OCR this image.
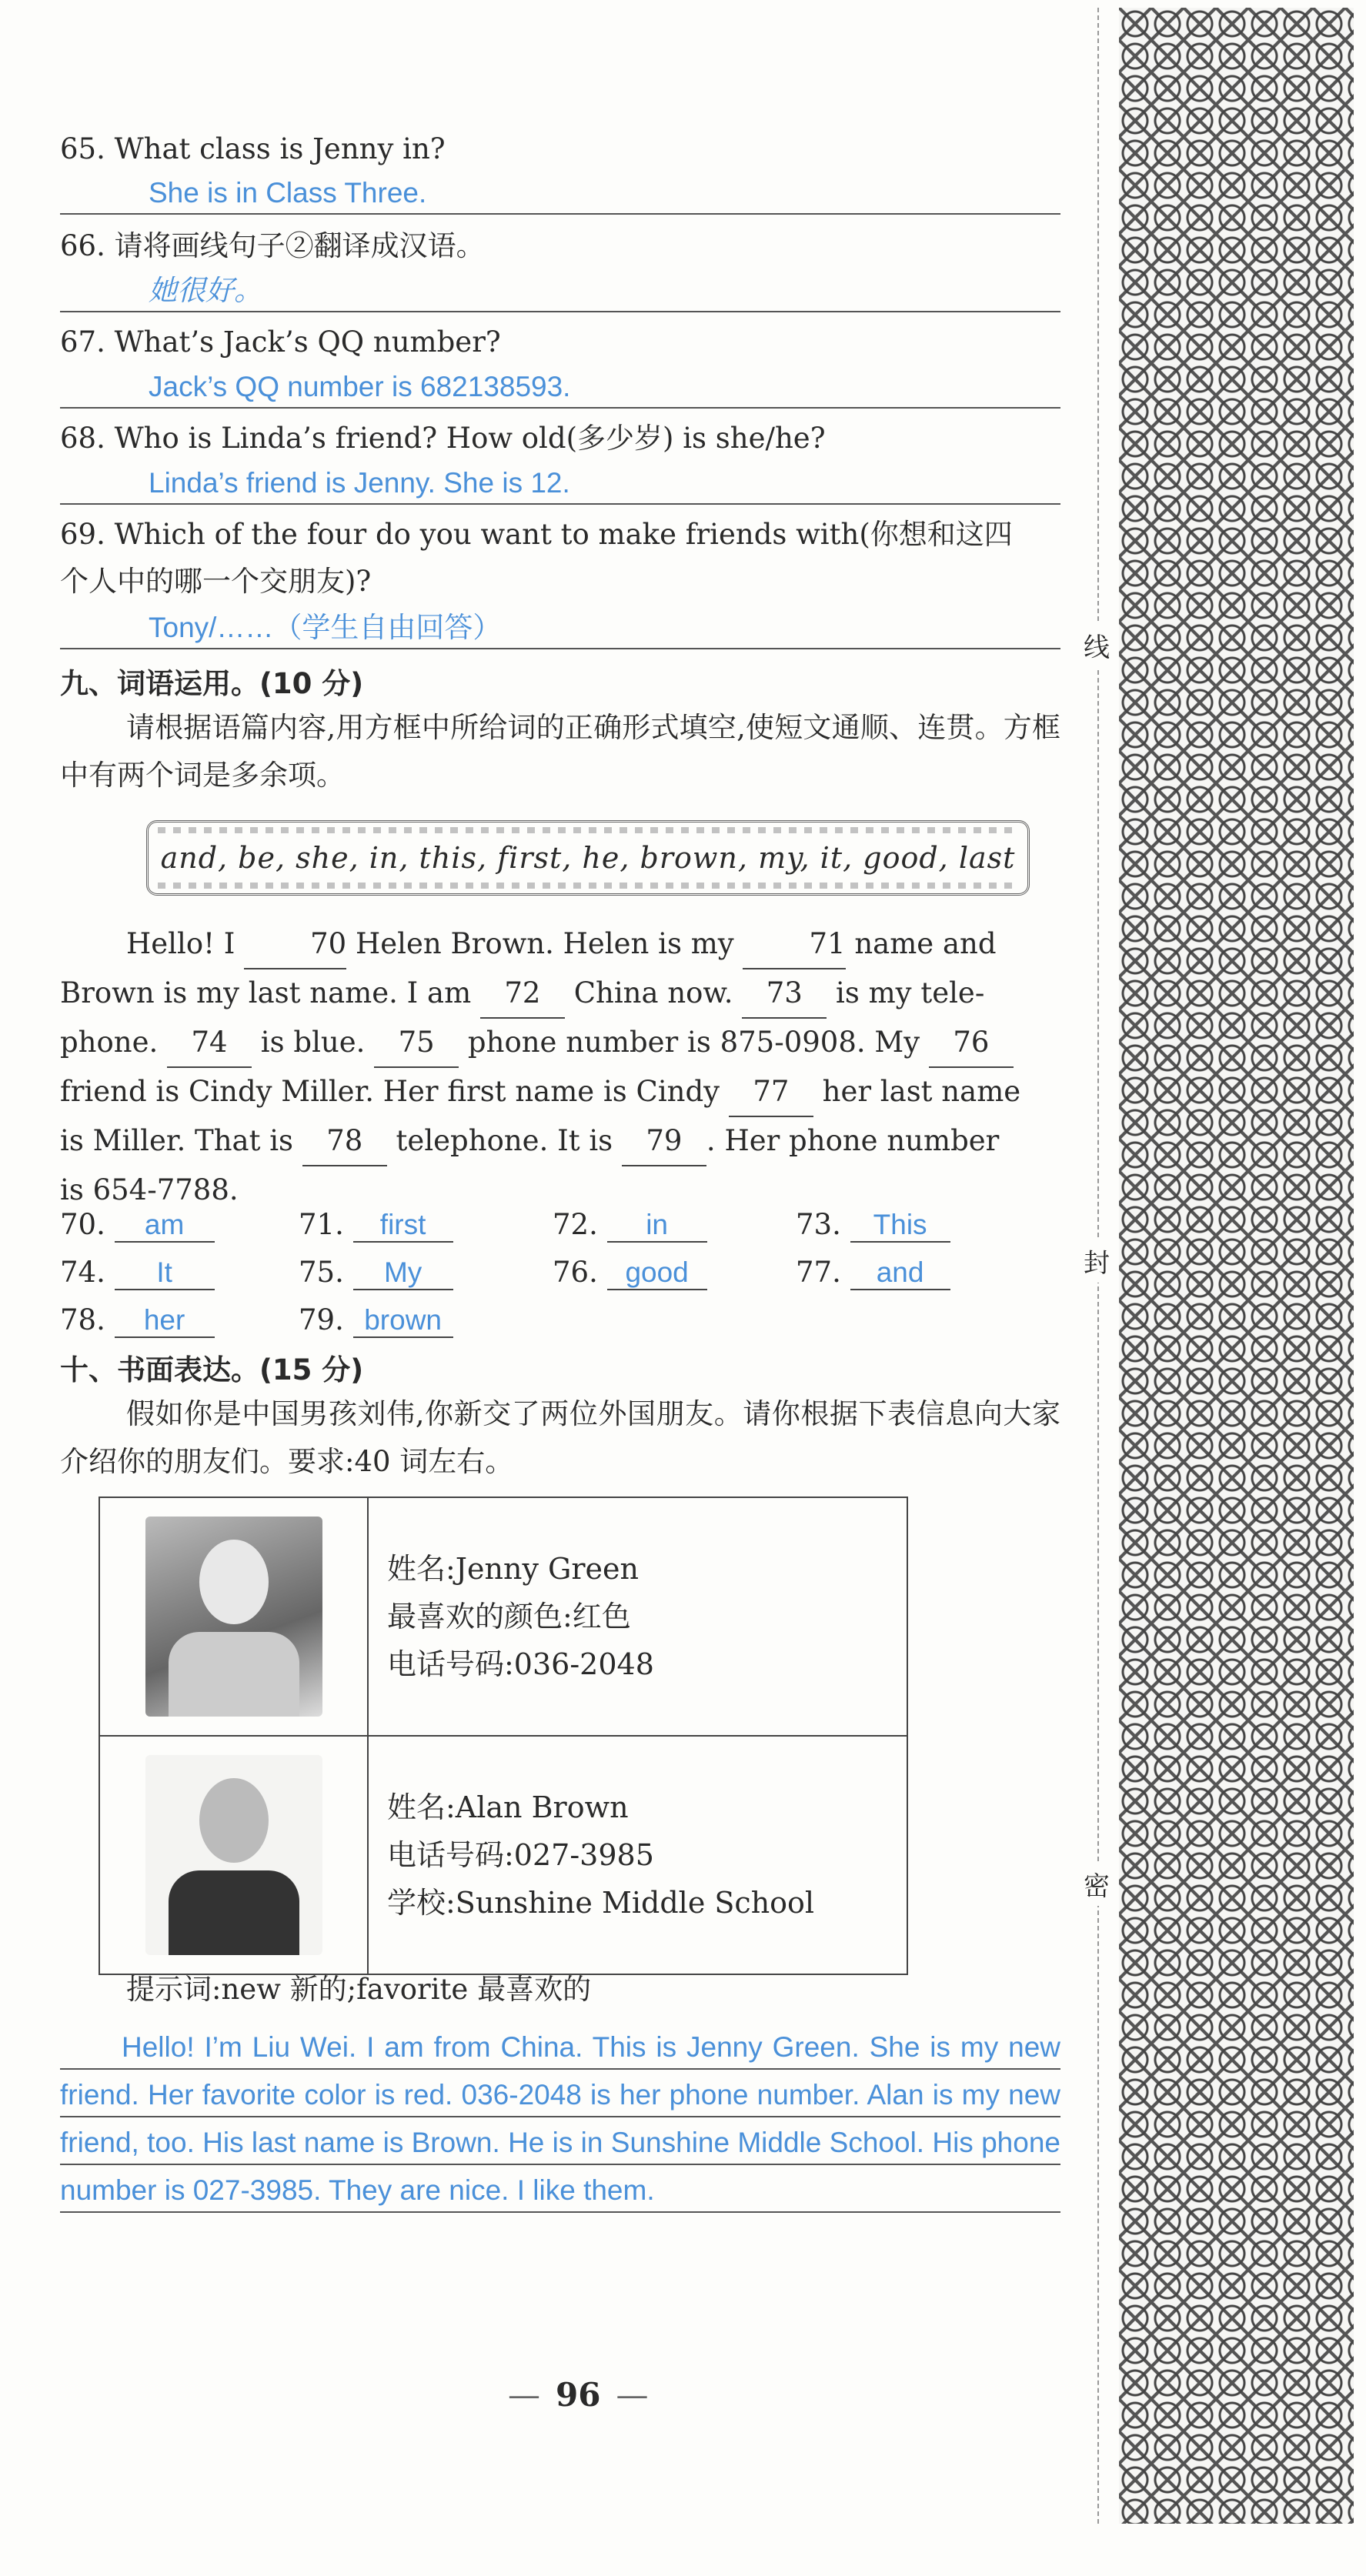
65. What class is Jenny in?
She is in Class Three.
66. 请将画线句子②翻译成汉语。
她很好。
67. What’s Jack’s QQ number?
Jack’s QQ number is 682138593.
68. Who is Linda’s friend? How old(多少岁) is she/he?
Linda’s friend is Jenny. She is 12.
69. Which of the four do you want to make friends with(你想和这四
个人中的哪一个交朋友)?
Tony/……（学生自由回答）
九、词语运用。(10 分)
请根据语篇内容,用方框中所给词的正确形式填空,使短文通顺、连贯。方框中有两个词是多余项。
and, be, she, in, this, first, he, brown, my, it, good, last
Hello! I 70 Helen Brown. Helen is my 71 name and
Brown is my last name. I am 72 China now. 73 is my tele-
phone. 74 is blue. 75 phone number is 875-0908. My 76
friend is Cindy Miller. Her first name is Cindy 77 her last name
is Miller. That is 78 telephone. It is 79 . Her phone number
is 654-7788.
70. am	71. first	72. in	73. This
74. It	75. My	76. good	77. and
78. her	79. brown
十、书面表达。(15 分)
假如你是中国男孩刘伟,你新交了两位外国朋友。请你根据下表信息向大家介绍你的朋友们。要求:40 词左右。
提示词:new 新的;favorite 最喜欢的
Hello! I’m Liu Wei. I am from China. This is Jenny Green. She is my new friend. Her favorite color is red. 036-2048 is her phone number. Alan is my new friend, too. His last name is Brown. He is in Sunshine Middle School. His phone number is 027-3985. They are nice. I like them.

	姓名:Jenny Green
最喜欢的颜色:红色
电话号码:036-2048

	姓名:Alan Brown
电话号码:027-3985
学校:Sunshine Middle School
— 96 —
线
封
密
